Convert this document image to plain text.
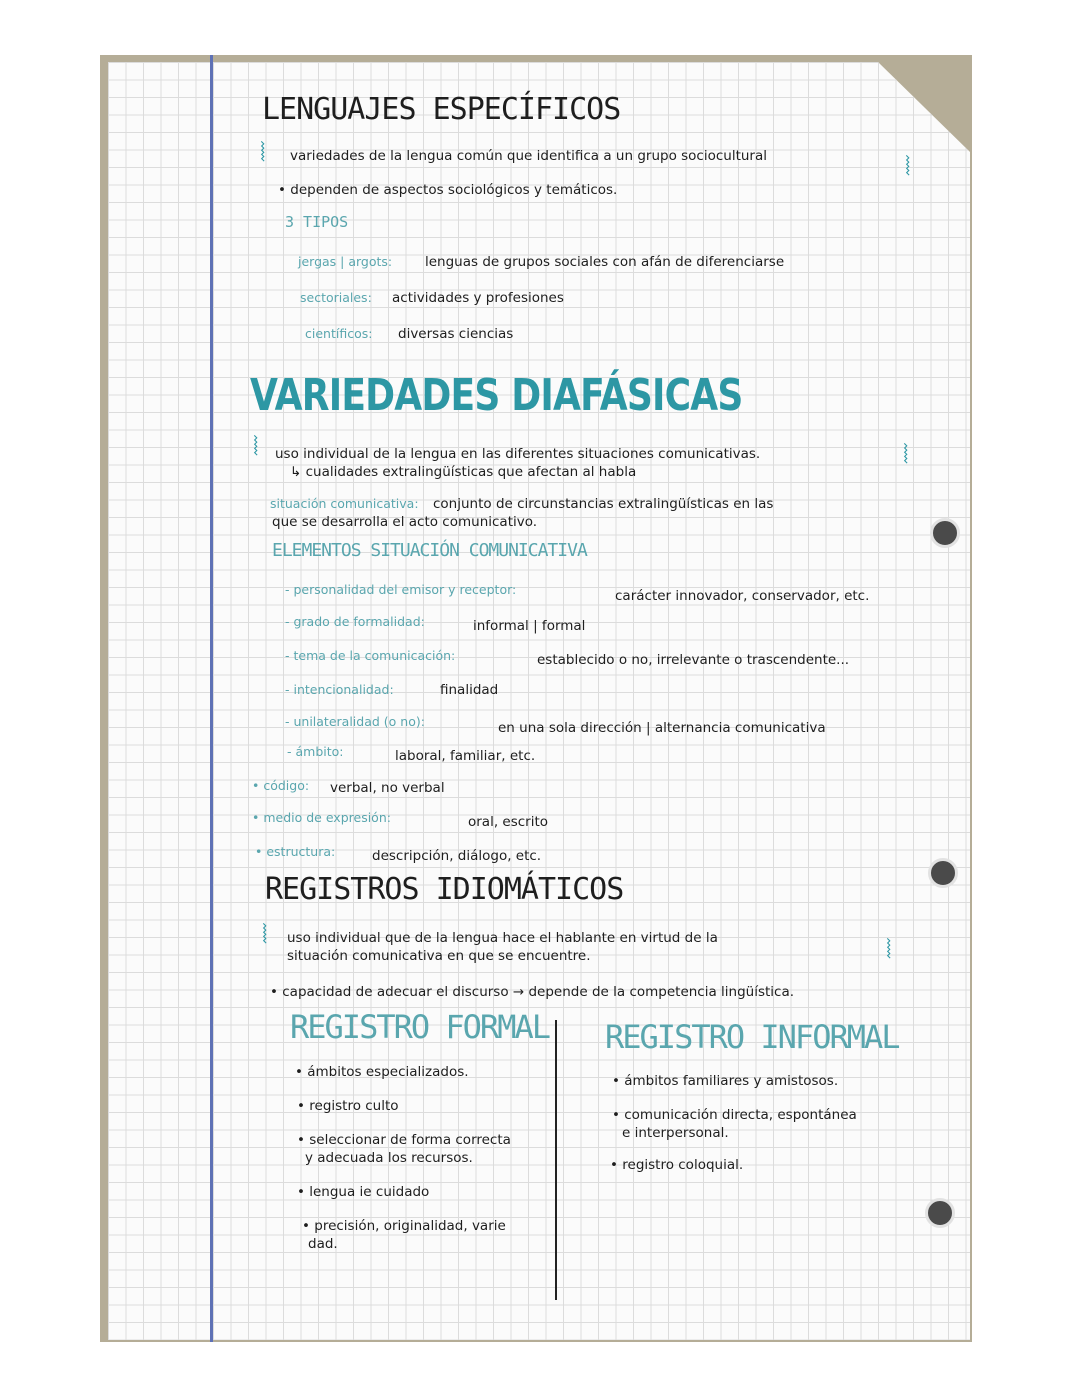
LENGUAJES ESPECÍFICOS
⦚ variedades de la lengua común que identifica a un grupo sociocultural	⦚
• dependen de aspectos sociológicos y temáticos.
3 TIPOS
jergas | argots: lenguas de grupos sociales con afán de diferenciarse
sectoriales: actividades y profesiones
científicos: diversas ciencias
VARIEDADES DIAFÁSICAS
⦚ uso individual de la lengua en las diferentes situaciones comunicativas.	⦚
↳ cualidades extralingüísticas que afectan al habla
situación comunicativa: conjunto de circunstancias extralingüísticas en las
que se desarrolla el acto comunicativo.
ELEMENTOS SITUACIÓN COMUNICATIVA
- personalidad del emisor y receptor:	carácter innovador, conservador, etc.
- grado de formalidad:	informal | formal
- tema de la comunicación:	establecido o no, irrelevante o trascendente...
- intencionalidad:	finalidad
- unilateralidad (o no):	en una sola dirección | alternancia comunicativa
- ámbito:	laboral, familiar, etc.
• código: verbal, no verbal
• medio de expresión:	oral, escrito
• estructura:	descripción, diálogo, etc.
REGISTROS IDIOMÁTICOS
⦚ uso individual que de la lengua hace el hablante en virtud de la	⦚
situación comunicativa en que se encuentre.
• capacidad de adecuar el discurso → depende de la competencia lingüística.
REGISTRO FORMAL REGISTRO INFORMAL
• ámbitos especializados.
• registro culto
• seleccionar de forma correcta
y adecuada los recursos.
• lengua ie cuidado
• precisión, originalidad, varie
dad.
• ámbitos familiares y amistosos.
• comunicación directa, espontánea
e interpersonal.
• registro coloquial.
